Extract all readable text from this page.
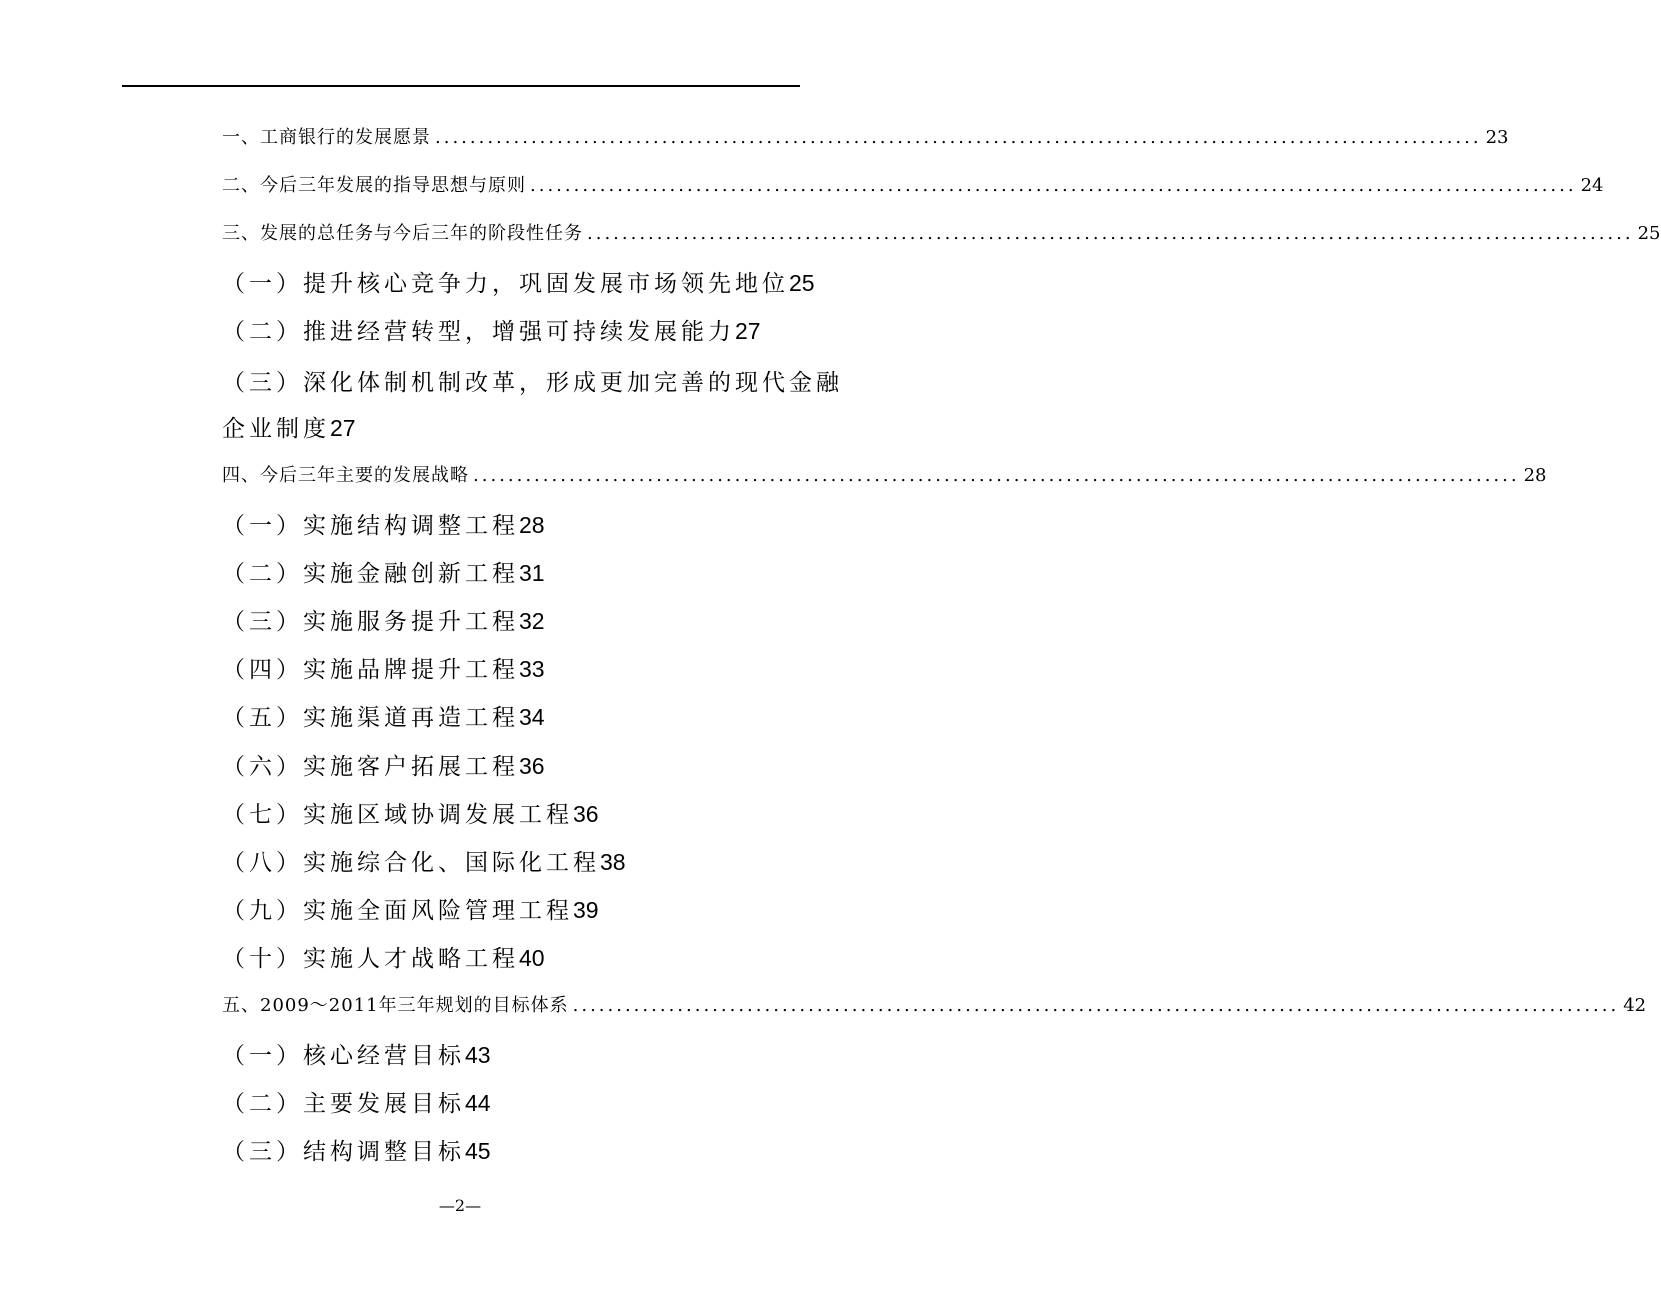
一、工商银行的发展愿景 .....	23
二、今后三年发展的指导思想与原则 .....	24
三、发展的总任务与今后三年的阶段性任务 .....	25
（一）提升核心竞争力，巩固发展市场领先地位25
（二）推进经营转型，增强可持续发展能力27
（三）深化体制机制改革，形成更加完善的现代金融
企业制度27
四、今后三年主要的发展战略 .....	28
（一）实施结构调整工程28
（二）实施金融创新工程31
（三）实施服务提升工程32
（四）实施品牌提升工程33
（五）实施渠道再造工程34
（六）实施客户拓展工程36
（七）实施区域协调发展工程36
（八）实施综合化、国际化工程38
（九）实施全面风险管理工程39
（十）实施人才战略工程40
五、2009～2011年三年规划的目标体系 .....	42
（一）核心经营目标43
（二）主要发展目标44
（三）结构调整目标45
—2—
